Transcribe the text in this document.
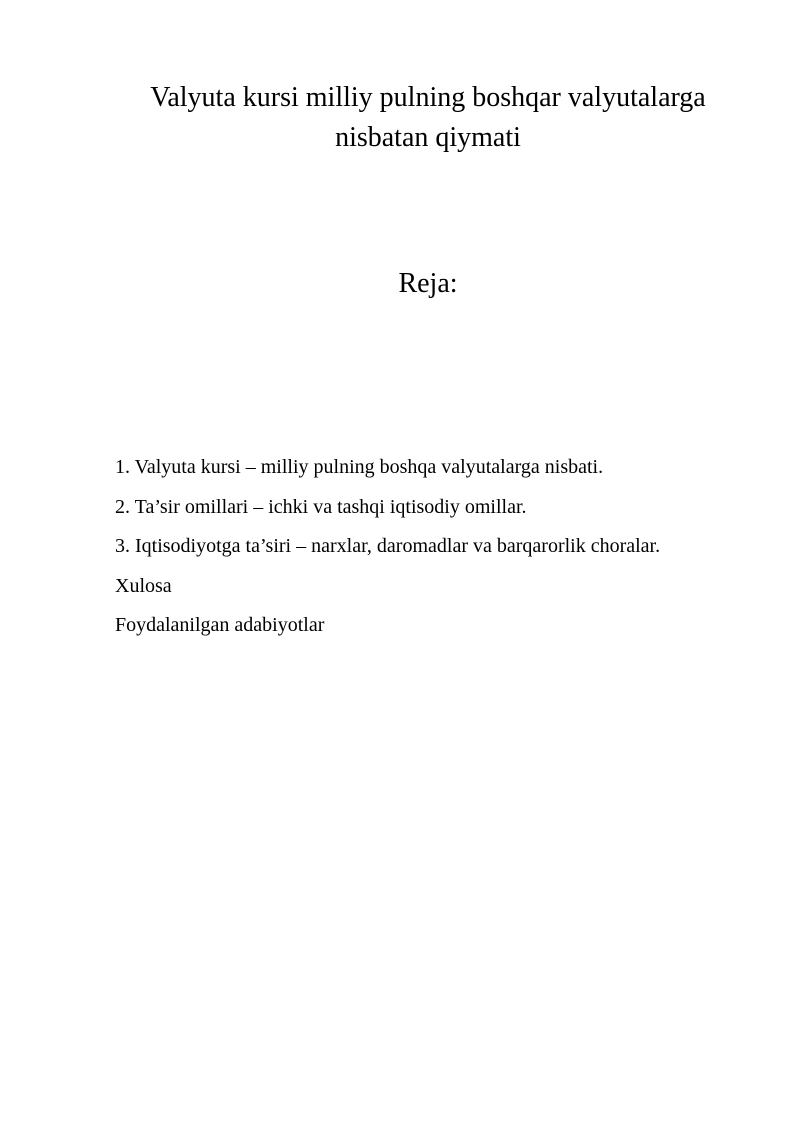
Valyuta kursi milliy pulning boshqar valyutalarga nisbatan qiymati
Reja:
1. Valyuta kursi – milliy pulning boshqa valyutalarga nisbati.
2. Ta’sir omillari – ichki va tashqi iqtisodiy omillar.
3. Iqtisodiyotga ta’siri – narxlar, daromadlar va barqarorlik choralar.
Xulosa
Foydalanilgan adabiyotlar
